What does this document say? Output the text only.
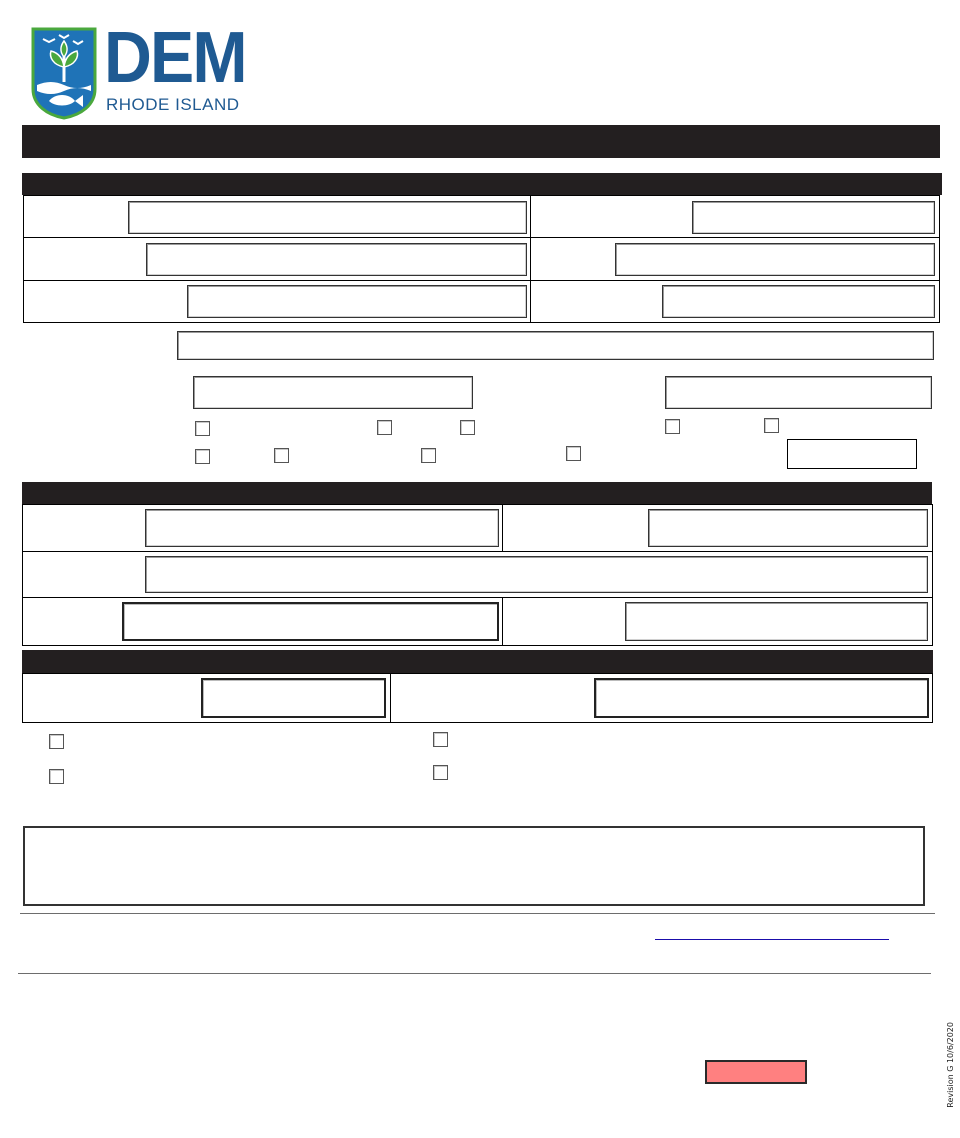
DEM
RHODE ISLAND
Revision G 10/6/2020
